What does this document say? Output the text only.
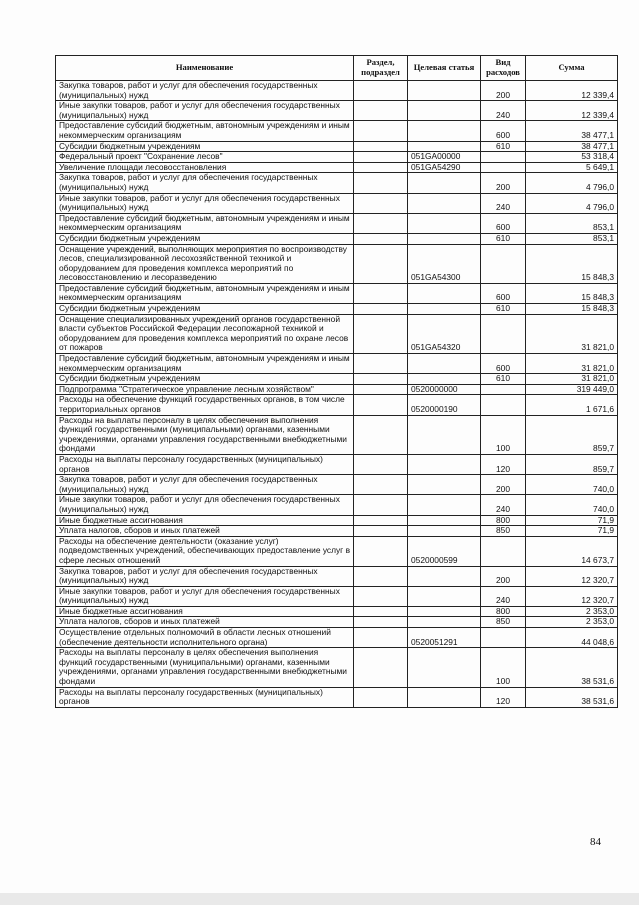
Наименование	Раздел, подраздел	Целевая статья	Вид расходов	Сумма
Закупка товаров, работ и услуг для обеспечения государственных (муниципальных) нужд			200	12 339,4
Иные закупки товаров, работ и услуг для обеспечения государственных (муниципальных) нужд			240	12 339,4
Предоставление субсидий бюджетным, автономным учреждениям и иным некоммерческим организациям			600	38 477,1
Субсидии бюджетным учреждениям			610	38 477,1
Федеральный проект "Сохранение лесов"		051GA00000		53 318,4
Увеличение площади лесовосстановления		051GA54290		5 649,1
Закупка товаров, работ и услуг для обеспечения государственных (муниципальных) нужд			200	4 796,0
Иные закупки товаров, работ и услуг для обеспечения государственных (муниципальных) нужд			240	4 796,0
Предоставление субсидий бюджетным, автономным учреждениям и иным некоммерческим организациям			600	853,1
Субсидии бюджетным учреждениям			610	853,1
Оснащение учреждений, выполняющих мероприятия по воспроизводству лесов, специализированной лесохозяйственной техникой и оборудованием для проведения комплекса мероприятий по лесовосстановлению и лесоразведению		051GA54300		15 848,3
Предоставление субсидий бюджетным, автономным учреждениям и иным некоммерческим организациям			600	15 848,3
Субсидии бюджетным учреждениям			610	15 848,3
Оснащение специализированных учреждений органов государственной власти субъектов Российской Федерации лесопожарной техникой и оборудованием для проведения комплекса мероприятий по охране лесов от пожаров		051GA54320		31 821,0
Предоставление субсидий бюджетным, автономным учреждениям и иным некоммерческим организациям			600	31 821,0
Субсидии бюджетным учреждениям			610	31 821,0
Подпрограмма "Стратегическое управление лесным хозяйством"		0520000000		319 449,0
Расходы на обеспечение функций государственных органов, в том числе территориальных органов		0520000190		1 671,6
Расходы на выплаты персоналу в целях обеспечения выполнения функций государственными (муниципальными) органами, казенными учреждениями, органами управления государственными внебюджетными фондами			100	859,7
Расходы на выплаты персоналу государственных (муниципальных) органов			120	859,7
Закупка товаров, работ и услуг для обеспечения государственных (муниципальных) нужд			200	740,0
Иные закупки товаров, работ и услуг для обеспечения государственных (муниципальных) нужд			240	740,0
Иные бюджетные ассигнования			800	71,9
Уплата налогов, сборов и иных платежей			850	71,9
Расходы на обеспечение деятельности (оказание услуг) подведомственных учреждений, обеспечивающих предоставление услуг в сфере лесных отношений		0520000599		14 673,7
Закупка товаров, работ и услуг для обеспечения государственных (муниципальных) нужд			200	12 320,7
Иные закупки товаров, работ и услуг для обеспечения государственных (муниципальных) нужд			240	12 320,7
Иные бюджетные ассигнования			800	2 353,0
Уплата налогов, сборов и иных платежей			850	2 353,0
Осуществление отдельных полномочий в области лесных отношений (обеспечение деятельности исполнительного органа)		0520051291		44 048,6
Расходы на выплаты персоналу в целях обеспечения выполнения функций государственными (муниципальными) органами, казенными учреждениями, органами управления государственными внебюджетными фондами			100	38 531,6
Расходы на выплаты персоналу государственных (муниципальных) органов			120	38 531,6
84
